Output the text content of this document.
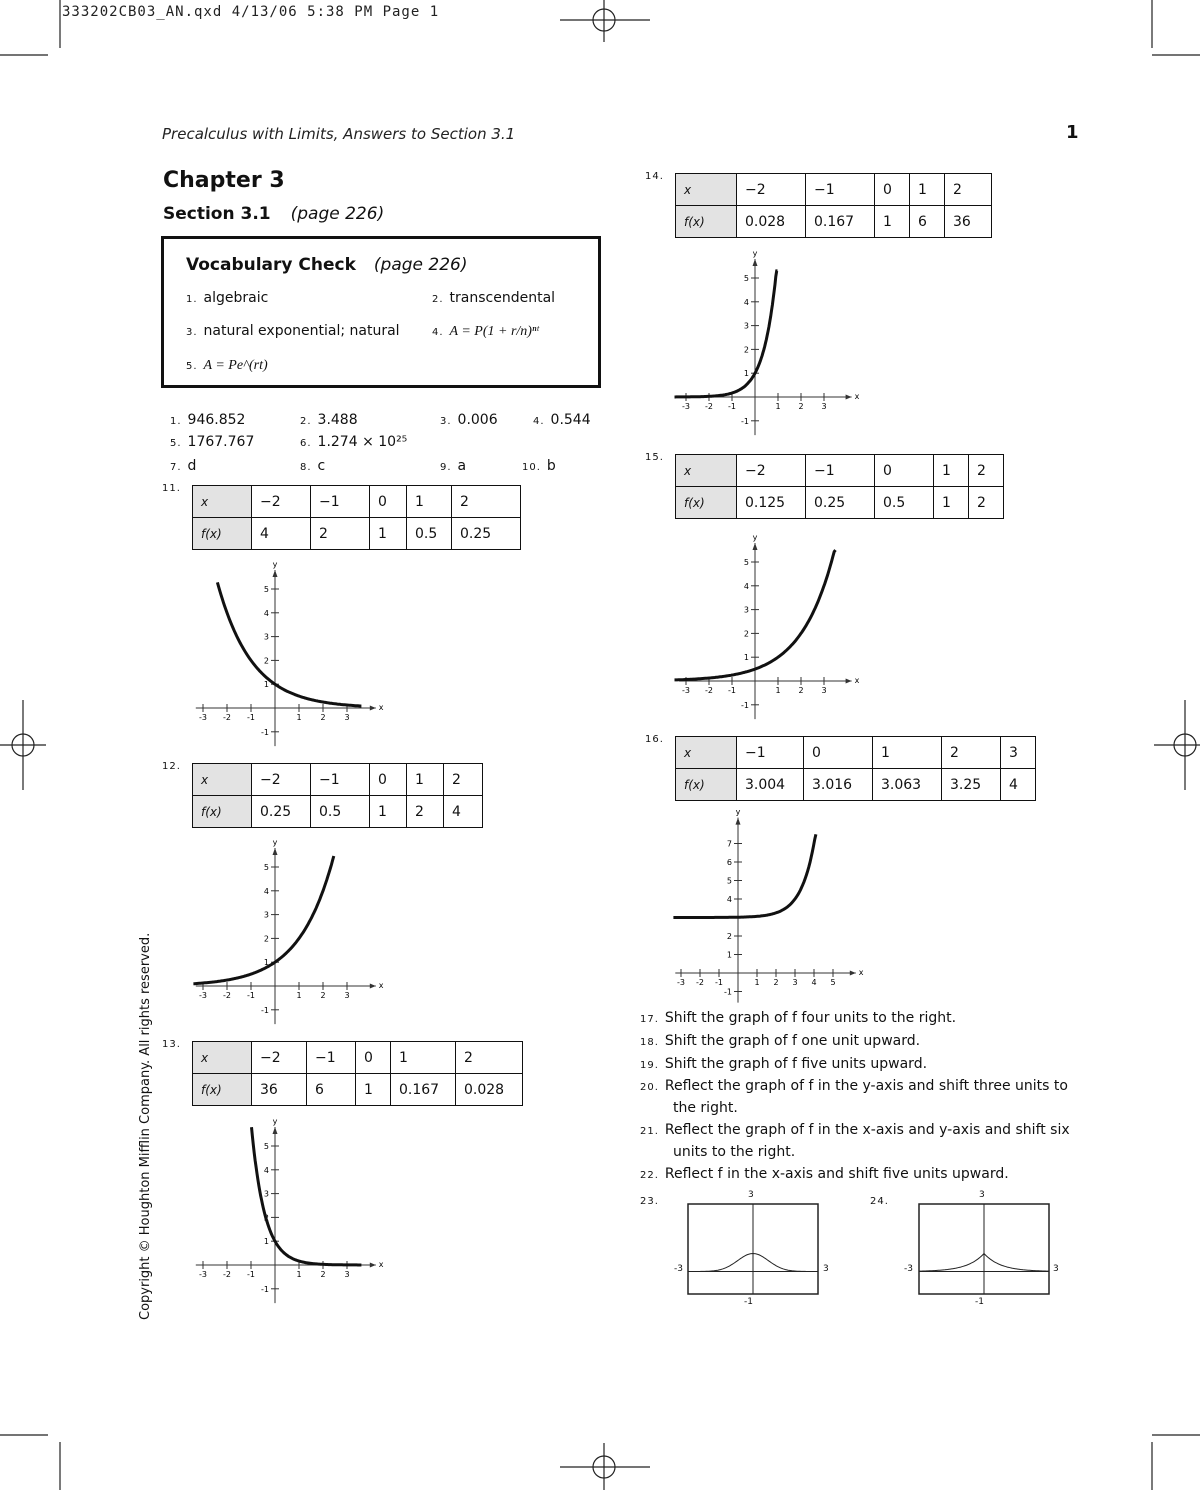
333202CB03_AN.qxd 4/13/06 5:38 PM Page 1
Precalculus with Limits, Answers to Section 3.1	1
Chapter 3
Section 3.1 (page 226)
Vocabulary Check (page 226)
1. algebraic	2. transcendental
3. natural exponential; natural	4. A = P(1 + r/n)ⁿᵗ
5. A = Pe^(rt)
1. 946.852	2. 3.488	3. 0.006	4. 0.544
5. 1767.767	6. 1.274 × 10²⁵
7. d	8. c	9. a	10. b
11.
x	−2	−1	0	1	2
f(x)	4	2	1	0.5	0.25
12.
x	−2	−1	0	1	2
f(x)	0.25	0.5	1	2	4
13.
x	−2	−1	0	1	2
f(x)	36	6	1	0.167	0.028
14.
x	−2	−1	0	1	2
f(x)	0.028	0.167	1	6	36
15.
x	−2	−1	0	1	2
f(x)	0.125	0.25	0.5	1	2
16.
x	−1	0	1	2	3
f(x)	3.004	3.016	3.063	3.25	4
x
y
-3 -2 -1	1 2 3
-1
1
2
3
4
5
x
y
-3 -2 -1	1 2 3
-1
1
2
3
4
5
x
y
-3 -2 -1	1 2 3
-1
1
2
3
4
5
x
y
-3 -2 -1	1 2 3
-1
1
2
3
4
5
x
y
-3 -2 -1	1 2 3
-1
1
2
3
4
5
x
y
-3 -2 -1	1 2 3 4 5
-1
1
2
4
5
6
7
17. Shift the graph of f four units to the right.
18. Shift the graph of f one unit upward.
19. Shift the graph of f five units upward.
20. Reflect the graph of f in the y-axis and shift three units to
the right.
21. Reflect the graph of f in the x-axis and y-axis and shift six
units to the right.
22. Reflect f in the x-axis and shift five units upward.
23.
3
-3	3
-1
24.
3
-3	3
-1
Copyright © Houghton Mifflin Company. All rights reserved.
